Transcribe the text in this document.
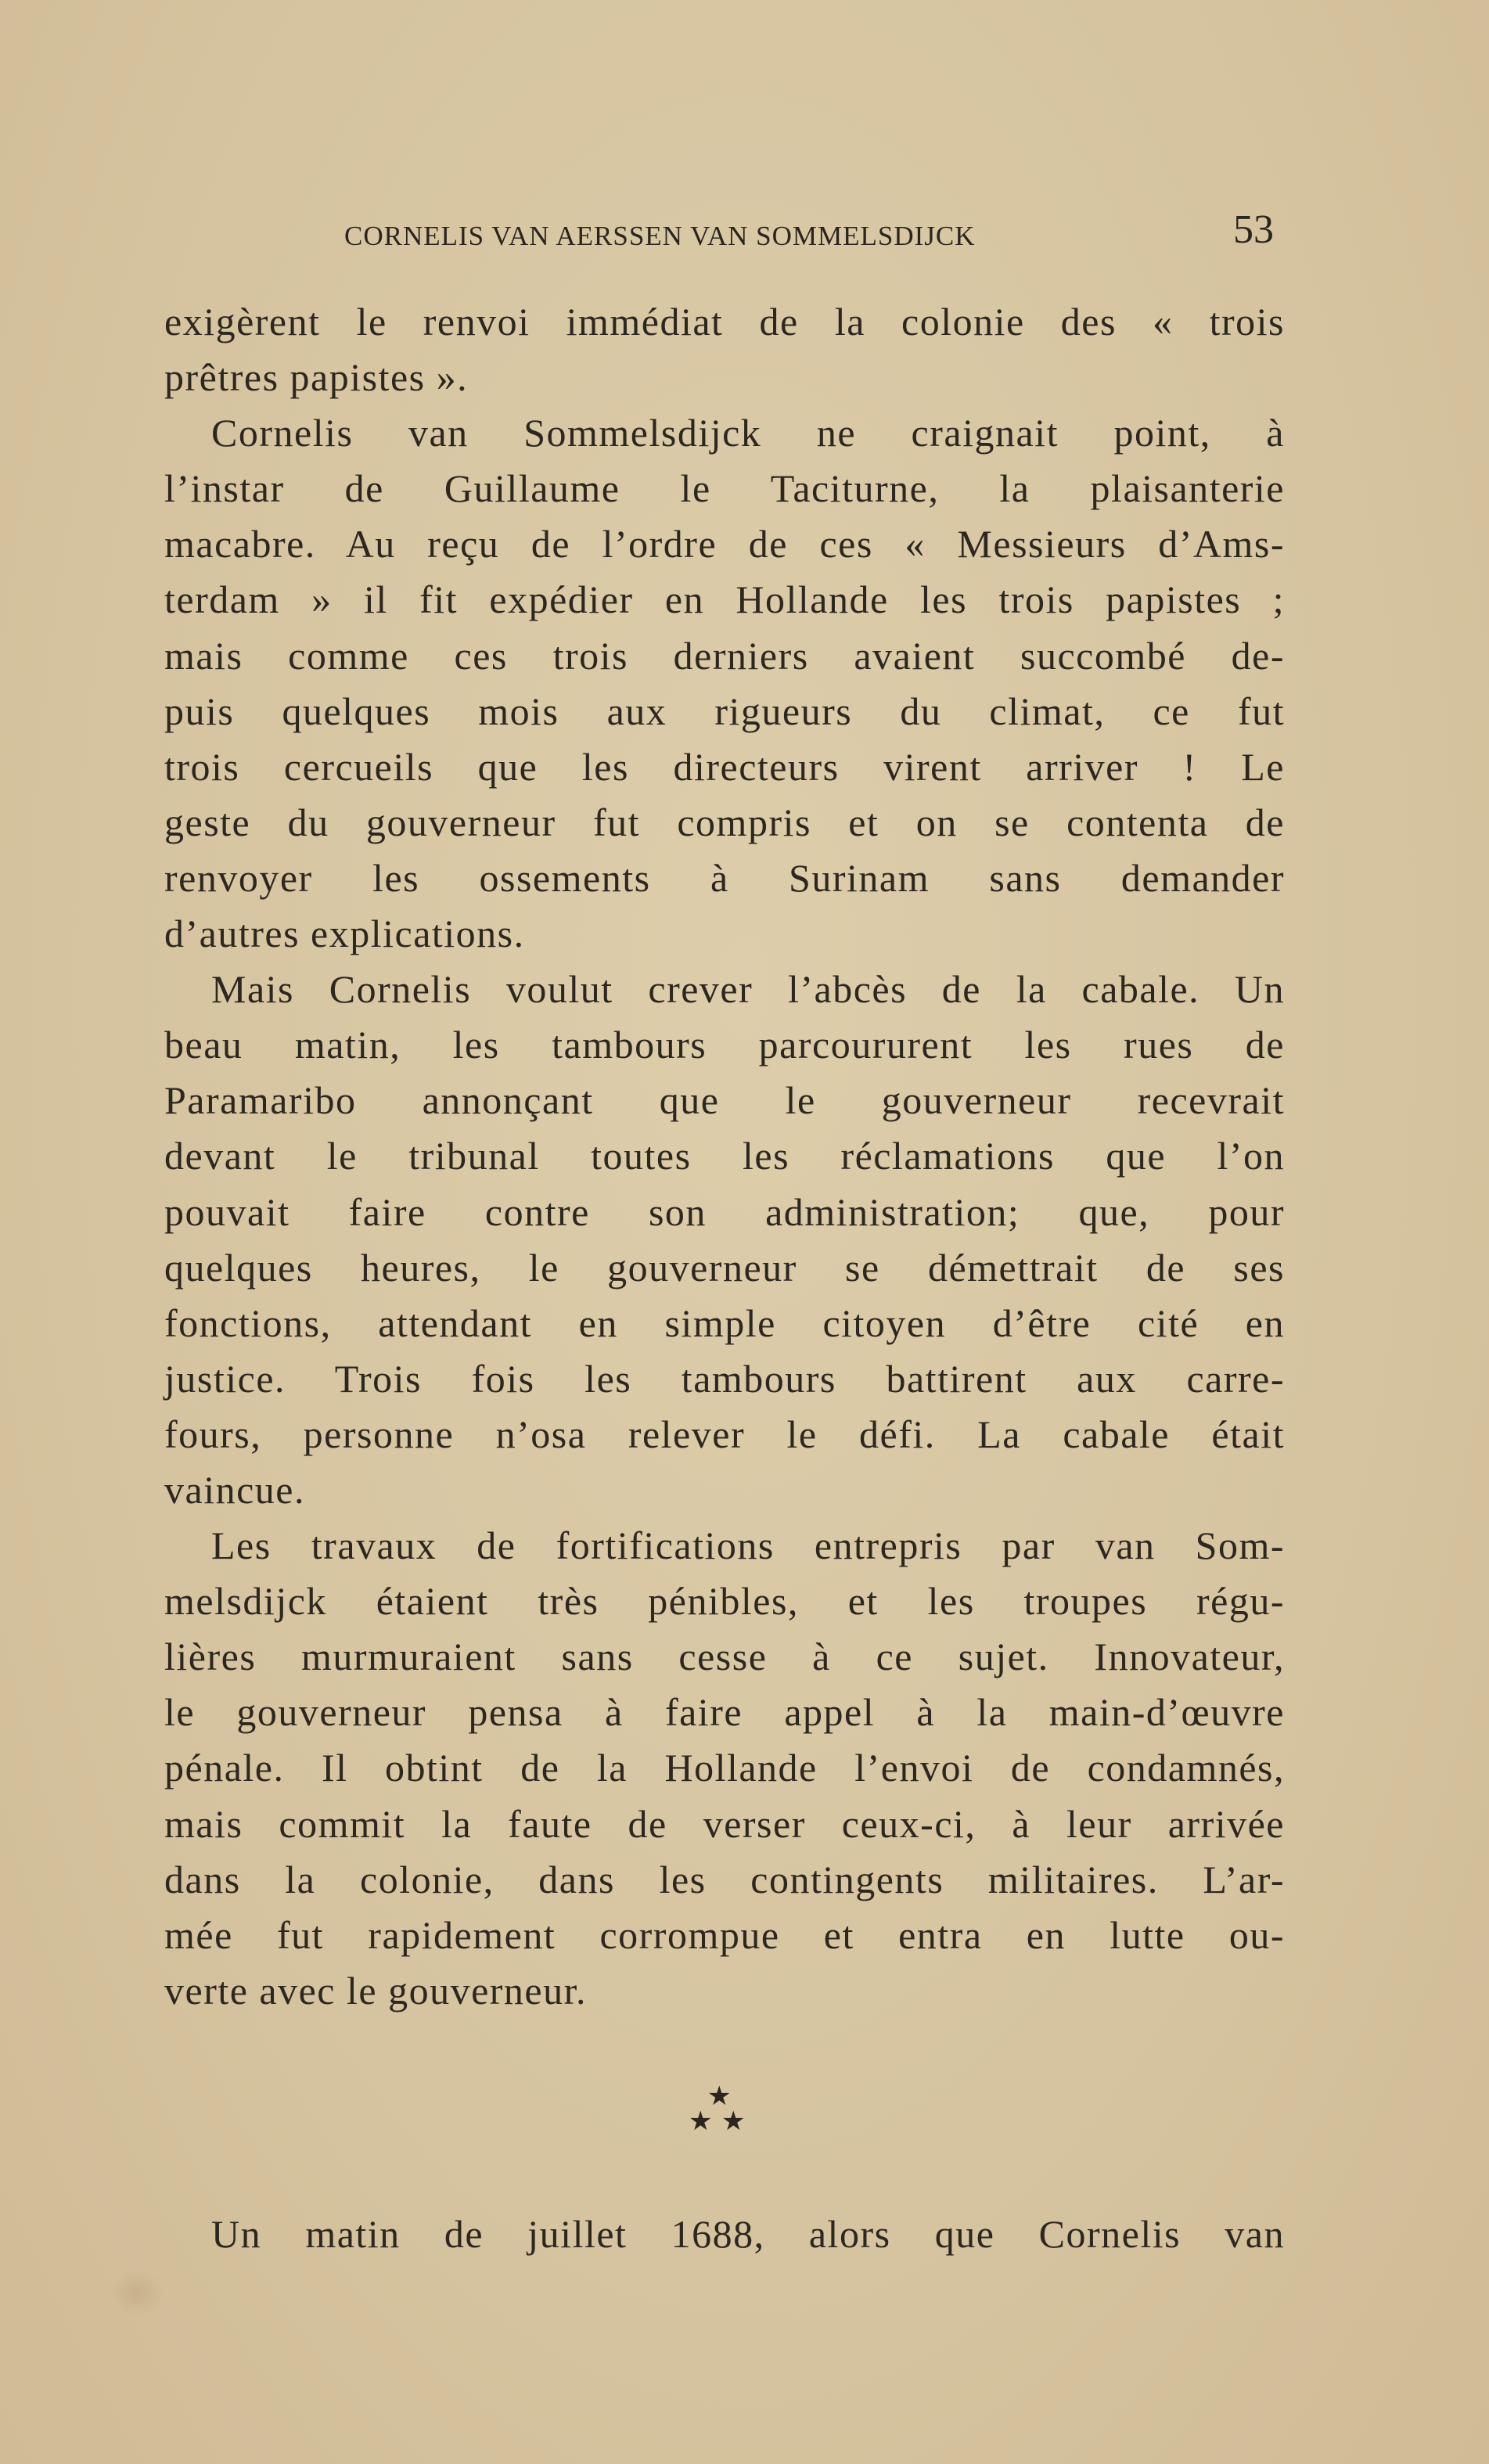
CORNELIS VAN AERSSEN VAN SOMMELSDIJCK	53
exigèrent le renvoi immédiat de la colonie des « trois
prêtres papistes ».
Cornelis van Sommelsdijck ne craignait point, à
l’instar de Guillaume le Taciturne, la plaisanterie
macabre. Au reçu de l’ordre de ces « Messieurs d’Ams-
terdam » il fit expédier en Hollande les trois papistes ;
mais comme ces trois derniers avaient succombé de-
puis quelques mois aux rigueurs du climat, ce fut
trois cercueils que les directeurs virent arriver ! Le
geste du gouverneur fut compris et on se contenta de
renvoyer les ossements à Surinam sans demander
d’autres explications.
Mais Cornelis voulut crever l’abcès de la cabale. Un
beau matin, les tambours parcoururent les rues de
Paramaribo annonçant que le gouverneur recevrait
devant le tribunal toutes les réclamations que l’on
pouvait faire contre son administration; que, pour
quelques heures, le gouverneur se démettrait de ses
fonctions, attendant en simple citoyen d’être cité en
justice. Trois fois les tambours battirent aux carre-
fours, personne n’osa relever le défi. La cabale était
vaincue.
Les travaux de fortifications entrepris par van Som-
melsdijck étaient très pénibles, et les troupes régu-
lières murmuraient sans cesse à ce sujet. Innovateur,
le gouverneur pensa à faire appel à la main-d’œuvre
pénale. Il obtint de la Hollande l’envoi de condamnés,
mais commit la faute de verser ceux-ci, à leur arrivée
dans la colonie, dans les contingents militaires. L’ar-
mée fut rapidement corrompue et entra en lutte ou-
verte avec le gouverneur.
★
★ ★
Un matin de juillet 1688, alors que Cornelis van
